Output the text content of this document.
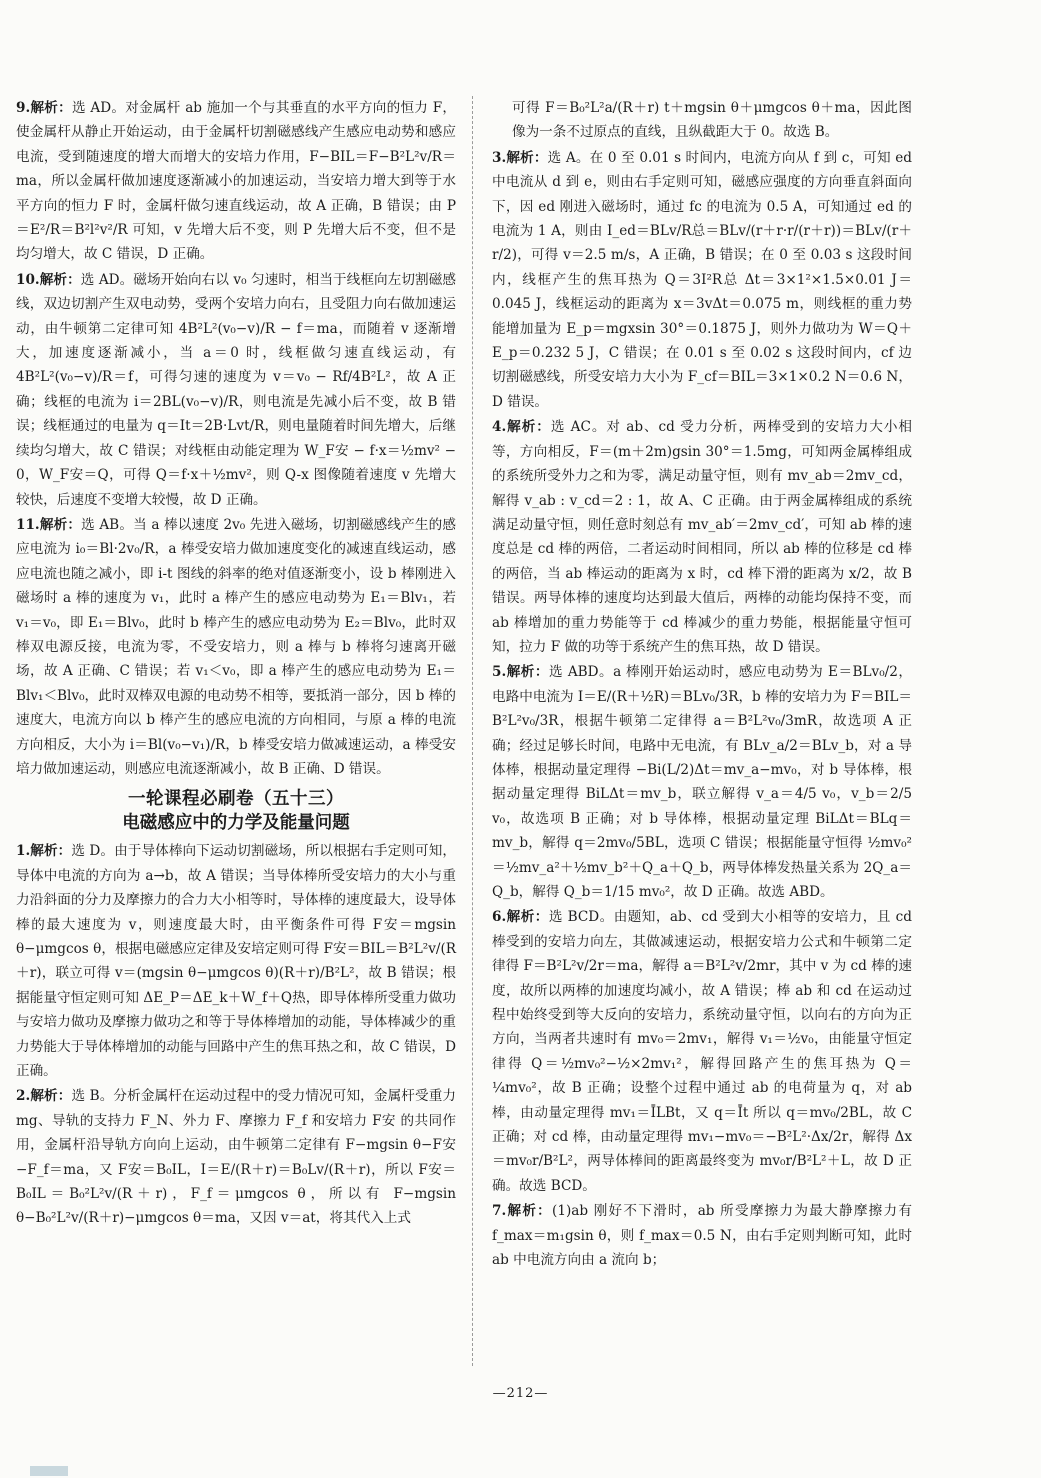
9.解析：选 AD。对金属杆 ab 施加一个与其垂直的水平方向的恒力 F，使金属杆从静止开始运动，由于金属杆切割磁感线产生感应电动势和感应电流，受到随速度的增大而增大的安培力作用，F−BIL＝F−B²L²v/R＝ma，所以金属杆做加速度逐渐减小的加速运动，当安培力增大到等于水平方向的恒力 F 时，金属杆做匀速直线运动，故 A 正确，B 错误；由 P＝E²/R＝B²l²v²/R 可知，v 先增大后不变，则 P 先增大后不变，但不是均匀增大，故 C 错误，D 正确。

10.解析：选 AD。磁场开始向右以 v₀ 匀速时，相当于线框向左切割磁感线，双边切割产生双电动势，受两个安培力向右，且受阻力向右做加速运动，由牛顿第二定律可知 4B²L²(v₀−v)/R − f＝ma，而随着 v 逐渐增大，加速度逐渐减小，当 a＝0 时，线框做匀速直线运动，有 4B²L²(v₀−v)/R＝f，可得匀速的速度为 v＝v₀ − Rf/4B²L²，故 A 正确；线框的电流为 i＝2BL(v₀−v)/R，则电流是先减小后不变，故 B 错误；线框通过的电量为 q＝It＝2B·Lvt/R，则电量随着时间先增大，后继续均匀增大，故 C 错误；对线框由动能定理为 W_F安 − f·x＝½mv² − 0，W_F安＝Q，可得 Q＝f·x＋½mv²，则 Q-x 图像随着速度 v 先增大较快，后速度不变增大较慢，故 D 正确。

11.解析：选 AB。当 a 棒以速度 2v₀ 先进入磁场，切割磁感线产生的感应电流为 i₀＝Bl·2v₀/R，a 棒受安培力做加速度变化的减速直线运动，感应电流也随之减小，即 i-t 图线的斜率的绝对值逐渐变小，设 b 棒刚进入磁场时 a 棒的速度为 v₁，此时 a 棒产生的感应电动势为 E₁＝Blv₁，若 v₁＝v₀，即 E₁＝Blv₀，此时 b 棒产生的感应电动势为 E₂＝Blv₀，此时双棒双电源反接，电流为零，不受安培力，则 a 棒与 b 棒将匀速离开磁场，故 A 正确、C 错误；若 v₁＜v₀，即 a 棒产生的感应电动势为 E₁＝Blv₁＜Blv₀，此时双棒双电源的电动势不相等，要抵消一部分，因 b 棒的速度大，电流方向以 b 棒产生的感应电流的方向相同，与原 a 棒的电流方向相反，大小为 i＝Bl(v₀−v₁)/R，b 棒受安培力做减速运动，a 棒受安培力做加速运动，则感应电流逐渐减小，故 B 正确、D 错误。

一轮课程必刷卷（五十三）
电磁感应中的力学及能量问题

1.解析：选 D。由于导体棒向下运动切割磁场，所以根据右手定则可知，导体中电流的方向为 a→b，故 A 错误；当导体棒所受安培力的大小与重力沿斜面的分力及摩擦力的合力大小相等时，导体棒的速度最大，设导体棒的最大速度为 v，则速度最大时，由平衡条件可得 F安＝mgsin θ−μmgcos θ，根据电磁感应定律及安培定则可得 F安＝BIL＝B²L²v/(R＋r)，联立可得 v＝(mgsin θ−μmgcos θ)(R＋r)/B²L²，故 B 错误；根据能量守恒定则可知 ΔE_P＝ΔE_k＋W_f＋Q热，即导体棒所受重力做功与安培力做功及摩擦力做功之和等于导体棒增加的动能，导体棒减少的重力势能大于导体棒增加的动能与回路中产生的焦耳热之和，故 C 错误，D 正确。

2.解析：选 B。分析金属杆在运动过程中的受力情况可知，金属杆受重力 mg、导轨的支持力 F_N、外力 F、摩擦力 F_f 和安培力 F安 的共同作用，金属杆沿导轨方向向上运动，由牛顿第二定律有 F−mgsin θ−F安−F_f＝ma，又 F安＝B₀IL，I＝E/(R＋r)＝B₀Lv/(R＋r)，所以 F安＝B₀IL＝B₀²L²v/(R＋r)，F_f＝μmgcos θ，所以有 F−mgsin θ−B₀²L²v/(R＋r)−μmgcos θ＝ma，又因 v＝at，将其代入上式

可得 F＝B₀²L²a/(R＋r) t＋mgsin θ＋μmgcos θ＋ma，因此图像为一条不过原点的直线，且纵截距大于 0。故选 B。

3.解析：选 A。在 0 至 0.01 s 时间内，电流方向从 f 到 c，可知 ed 中电流从 d 到 e，则由右手定则可知，磁感应强度的方向垂直斜面向下，因 ed 刚进入磁场时，通过 fc 的电流为 0.5 A，可知通过 ed 的电流为 1 A，则由 I_ed＝BLv/R总＝BLv/(r＋r·r/(r＋r))＝BLv/(r＋r/2)，可得 v＝2.5 m/s，A 正确，B 错误；在 0 至 0.03 s 这段时间内，线框产生的焦耳热为 Q＝3I²R总 Δt＝3×1²×1.5×0.01 J＝0.045 J，线框运动的距离为 x＝3vΔt＝0.075 m，则线框的重力势能增加量为 E_p＝mgxsin 30°＝0.1875 J，则外力做功为 W＝Q＋E_p＝0.232 5 J，C 错误；在 0.01 s 至 0.02 s 这段时间内，cf 边切割磁感线，所受安培力大小为 F_cf＝BIL＝3×1×0.2 N＝0.6 N，D 错误。

4.解析：选 AC。对 ab、cd 受力分析，两棒受到的安培力大小相等，方向相反，F＝(m＋2m)gsin 30°＝1.5mg，可知两金属棒组成的系统所受外力之和为零，满足动量守恒，则有 mv_ab＝2mv_cd，解得 v_ab : v_cd＝2 : 1，故 A、C 正确。由于两金属棒组成的系统满足动量守恒，则任意时刻总有 mv_ab′＝2mv_cd′，可知 ab 棒的速度总是 cd 棒的两倍，二者运动时间相同，所以 ab 棒的位移是 cd 棒的两倍，当 ab 棒运动的距离为 x 时，cd 棒下滑的距离为 x/2，故 B 错误。两导体棒的速度均达到最大值后，两棒的动能均保持不变，而 ab 棒增加的重力势能等于 cd 棒减少的重力势能，根据能量守恒可知，拉力 F 做的功等于系统产生的焦耳热，故 D 错误。

5.解析：选 ABD。a 棒刚开始运动时，感应电动势为 E＝BLv₀/2，电路中电流为 I＝E/(R＋½R)＝BLv₀/3R，b 棒的安培力为 F＝BIL＝B²L²v₀/3R，根据牛顿第二定律得 a＝B²L²v₀/3mR，故选项 A 正确；经过足够长时间，电路中无电流，有 BLv_a/2＝BLv_b，对 a 导体棒，根据动量定理得 −Bi(L/2)Δt＝mv_a−mv₀，对 b 导体棒，根据动量定理得 BiLΔt＝mv_b，联立解得 v_a＝4/5 v₀，v_b＝2/5 v₀，故选项 B 正确；对 b 导体棒，根据动量定理 BiLΔt＝BLq＝mv_b，解得 q＝2mv₀/5BL，选项 C 错误；根据能量守恒得 ½mv₀²＝½mv_a²＋½mv_b²＋Q_a＋Q_b，两导体棒发热量关系为 2Q_a＝Q_b，解得 Q_b＝1/15 mv₀²，故 D 正确。故选 ABD。

6.解析：选 BCD。由题知，ab、cd 受到大小相等的安培力，且 cd 棒受到的安培力向左，其做减速运动，根据安培力公式和牛顿第二定律得 F＝B²L²v/2r＝ma，解得 a＝B²L²v/2mr，其中 v 为 cd 棒的速度，故所以两棒的加速度均减小，故 A 错误；棒 ab 和 cd 在运动过程中始终受到等大反向的安培力，系统动量守恒，以向右的方向为正方向，当两者共速时有 mv₀＝2mv₁，解得 v₁＝½v₀，由能量守恒定律得 Q＝½mv₀²−½×2mv₁²，解得回路产生的焦耳热为 Q＝¼mv₀²，故 B 正确；设整个过程中通过 ab 的电荷量为 q，对 ab 棒，由动量定理得 mv₁＝ĪLBt，又 q＝Īt 所以 q＝mv₀/2BL，故 C 正确；对 cd 棒，由动量定理得 mv₁−mv₀＝−B²L²·Δx/2r，解得 Δx＝mv₀r/B²L²，两导体棒间的距离最终变为 mv₀r/B²L²＋L，故 D 正确。故选 BCD。

7.解析：(1)ab 刚好不下滑时，ab 所受摩擦力为最大静摩擦力有 f_max＝m₁gsin θ，则 f_max＝0.5 N，由右手定则判断可知，此时 ab 中电流方向由 a 流向 b；

—212—
